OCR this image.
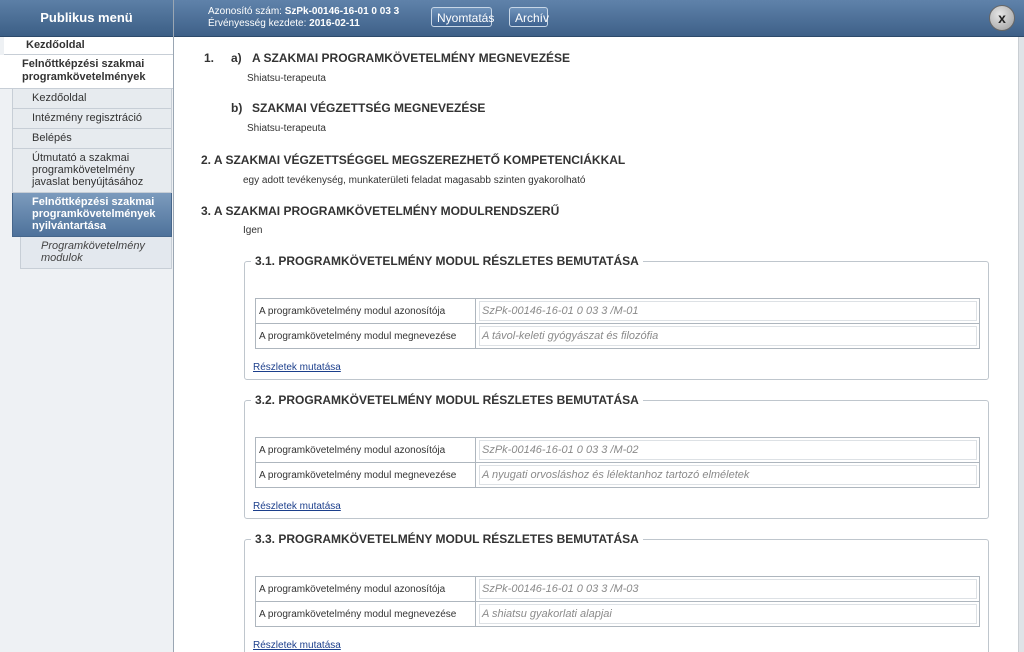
Publikus menü
Kezdőoldal
Felnőttképzési szakmai programkövetelmények
Kezdőoldal
Intézmény regisztráció
Belépés
Útmutató a szakmai programkövetelmény javaslat benyújtásához
Felnőttképzési szakmai programkövetelmények nyilvántartása
Programkövetelmény modulok
Azonosító szám: SzPk-00146-16-01 0 03 3
Érvényesség kezdete: 2016-02-11	Nyomtatás	Archív	x
1. a) A SZAKMAI PROGRAMKÖVETELMÉNY MEGNEVEZÉSE
Shiatsu-terapeuta
b) SZAKMAI VÉGZETTSÉG MEGNEVEZÉSE
Shiatsu-terapeuta
2. A SZAKMAI VÉGZETTSÉGGEL MEGSZEREZHETŐ KOMPETENCIÁKKAL
egy adott tevékenység, munkaterületi feladat magasabb szinten gyakorolható
3. A SZAKMAI PROGRAMKÖVETELMÉNY MODULRENDSZERŰ
Igen
3.1. PROGRAMKÖVETELMÉNY MODUL RÉSZLETES BEMUTATÁSA
A programkövetelmény modul azonosítója	SzPk-00146-16-01 0 03 3 /M-01

A programkövetelmény modul megnevezése	A távol-keleti gyógyászat és filozófia
Részletek mutatása
3.2. PROGRAMKÖVETELMÉNY MODUL RÉSZLETES BEMUTATÁSA
A programkövetelmény modul azonosítója	SzPk-00146-16-01 0 03 3 /M-02

A programkövetelmény modul megnevezése	A nyugati orvosláshoz és lélektanhoz tartozó elméletek
Részletek mutatása
3.3. PROGRAMKÖVETELMÉNY MODUL RÉSZLETES BEMUTATÁSA
A programkövetelmény modul azonosítója	SzPk-00146-16-01 0 03 3 /M-03

A programkövetelmény modul megnevezése	A shiatsu gyakorlati alapjai
Részletek mutatása
